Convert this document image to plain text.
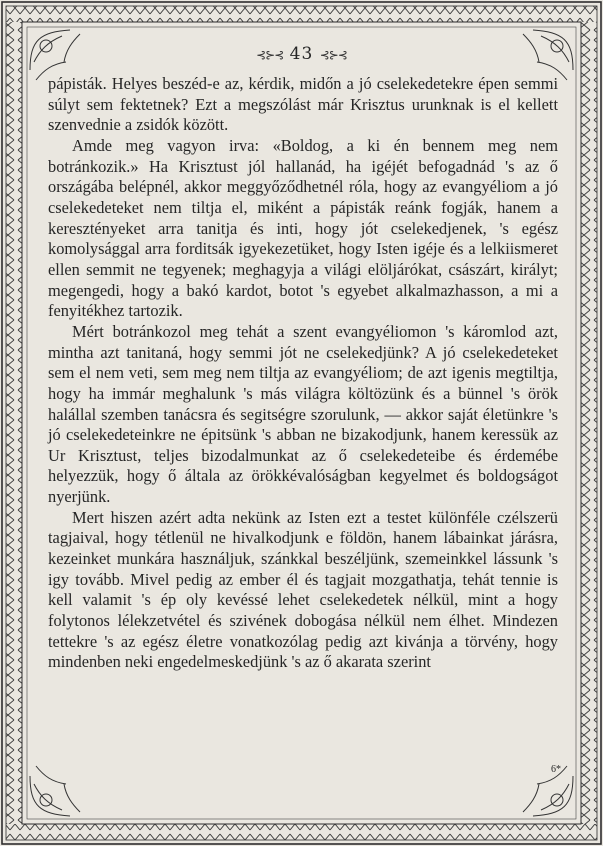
⊰⊱⊰ 43 ⊰⊱⊰

pápisták. Helyes beszéd-e az, kérdik, midőn a jó cselekedetekre épen semmi súlyt sem fektetnek? Ezt a megszólást már Krisztus urunknak is el kellett szenvednie a zsidók között.

Amde meg vagyon irva: «Boldog, a ki én bennem meg nem botránkozik.» Ha Krisztust jól hallanád, ha igéjét befogadnád 's az ő országába belépnél, akkor meggyőződhetnél róla, hogy az evangyéliom a jó cselekedeteket nem tiltja el, miként a pápisták reánk fogják, hanem a keresztényeket arra tanitja és inti, hogy jót cselekedjenek, 's egész komolysággal arra forditsák igyekezetüket, hogy Isten igéje és a lelkiismeret ellen semmit ne tegyenek; meghagyja a világi elöljárókat, császárt, királyt; megengedi, hogy a bakó kardot, botot 's egyebet alkalmazhasson, a mi a fenyitékhez tartozik.

Mért botránkozol meg tehát a szent evangyéliomon 's káromlod azt, mintha azt tanitaná, hogy semmi jót ne cselekedjünk? A jó cselekedeteket sem el nem veti, sem meg nem tiltja az evangyéliom; de azt igenis megtiltja, hogy ha immár meghalunk 's más világra költözünk és a bünnel 's örök halállal szemben tanácsra és segitségre szorulunk, — akkor saját életünkre 's jó cselekedeteinkre ne épitsünk 's abban ne bizakodjunk, hanem keressük az Ur Krisztust, teljes bizodalmunkat az ő cselekedeteibe és érdemébe helyezzük, hogy ő általa az örökkévalóságban kegyelmet és boldogságot nyerjünk.

Mert hiszen azért adta nekünk az Isten ezt a testet különféle czélszerü tagjaival, hogy tétlenül ne hivalkodjunk e földön, hanem lábainkat járásra, kezeinket munkára használjuk, szánkkal beszéljünk, szemeinkkel lássunk 's igy tovább. Mivel pedig az ember él és tagjait mozgathatja, tehát tennie is kell valamit 's ép oly kevéssé lehet cselekedetek nélkül, mint a hogy folytonos lélekzetvétel és szivének dobogása nélkül nem élhet. Mindezen tettekre 's az egész életre vonatkozólag pedig azt kivánja a törvény, hogy mindenben neki engedelmeskedjünk 's az ő akarata szerint

6*
